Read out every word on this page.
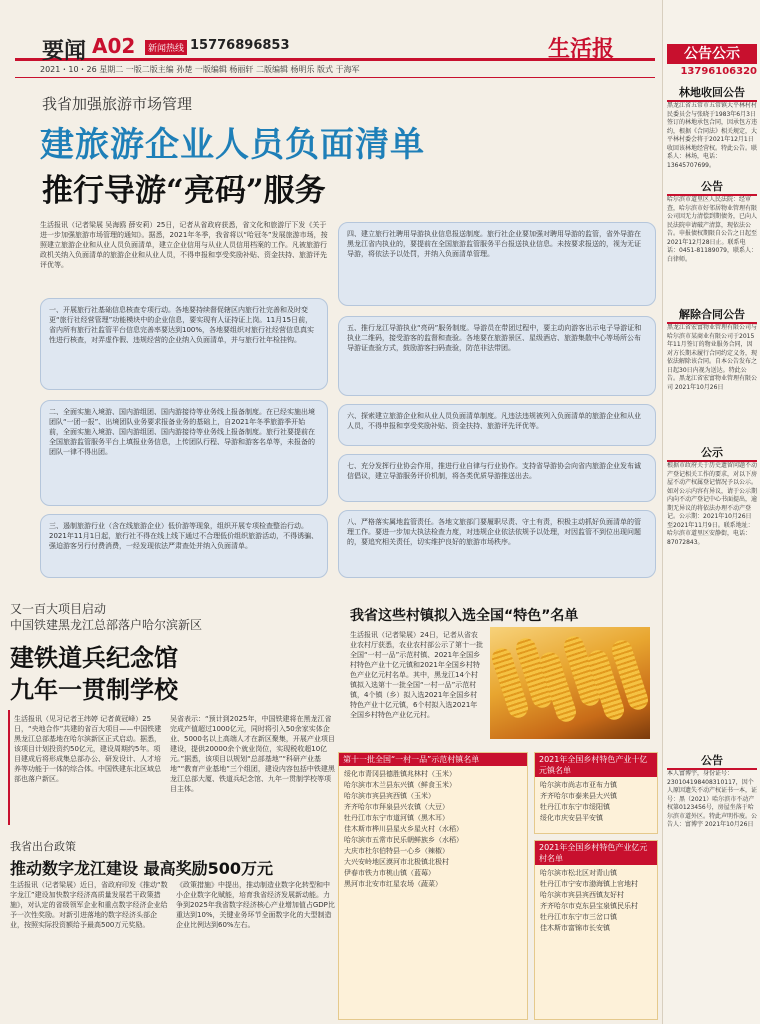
要闻 A02	新闻热线 15776896853	生活报
2021・10・26 星期二 一版二版主编 孙楚 一版编辑 杨丽轩 二版编辑 杨明乐 版式 于海军
我省加强旅游市场管理
建旅游企业人员负面清单
推行导游“亮码”服务
生活报讯（记者梁展 吴海鸥 薛安莉）25日，记者从省政府获悉，省文化和旅游厅下发《关于进一步加强旅游市场管理的通知》。据悉，2021年冬季，我省将以“哈冠冬”发展旅游市场，按照建立旅游企业和从业人员负面清单，建立企业信用与从业人员信用档案的工作。凡被旅游行政机关纳入负面清单的旅游企业和从业人员，不得申报和享受奖励补贴、资金扶持、旅游评先评优等。
一、开展旅行社基础信息核查专项行动。各地要持续督促辖区内旅行社完善和及时变更“旅行社经营管理”功能模块中的企业信息，要实现有人证持证上岗。11月15日前，省内所有旅行社监管平台信息完善率要达到100%，各地要组织对旅行社经营信息真实性进行核查，对弄虚作假、违规经营的企业纳入负面清单，并与旅行社年检挂钩。
二、全面实施入境游、国内游组团、国内游接待等业务线上报备制度。在已经实施出境团队“一团一报”、出境团队业务要求报备业务的基础上，自2021年冬季旅游季开始前，全面实施入境游、国内游组团、国内游接待等业务线上报备制度。旅行社要提前在全国旅游监管服务平台上填报业务信息，上传团队行程、导游和游客名单等，未报备的团队一律不得出团。
三、遏制旅游行业（含在线旅游企业）低价游等现象，组织开展专项检查整治行动。2021年11月1日起，旅行社不得在线上线下通过不合理低价组织旅游活动，不得诱骗、强迫游客另行付费消费，一经发现依法严肃查处并纳入负面清单。
四、建立旅行社聘用导游执业信息报送制度。旅行社企业要加强对聘用导游的监管，省外导游在黑龙江省内执业的，要提前在全国旅游监管服务平台报送执业信息。未按要求报送的，视为无证导游，将依法予以处罚，并纳入负面清单管理。
五、推行龙江导游执业“亮码”服务制度。导游员在带团过程中，要主动向游客出示电子导游证和执业二维码，接受游客的监督和查验。各地要在旅游景区、星级酒店、旅游集散中心等场所公布导游证查验方式，鼓励游客扫码查验，防范非法带团。
六、探索建立旅游企业和从业人员负面清单制度。凡违法违规被列入负面清单的旅游企业和从业人员，不得申报和享受奖励补贴、资金扶持、旅游评先评优等。
七、充分发挥行业协会作用，推进行业自律与行业协作。支持省导游协会向省内旅游企业发布诚信倡议，建立导游服务评价机制，将各类优质导游推送出去。
八、严格落实属地监管责任。各地文旅部门要履职尽责、守土有责，积极主动抓好负面清单的管理工作。要进一步加大执法检查力度，对违规企业依法依规予以处理，对因监管不到位出现问题的，要追究相关责任，切实维护良好的旅游市场秩序。
又一百大项目启动
中国铁建黑龙江总部落户哈尔滨新区
建铁道兵纪念馆
九年一贯制学校
生活报讯（见习记者王纬婷 记者黄冠峰）25日，“央地合作”共建的省百大项目——中国铁建黑龙江总部基地在哈尔滨新区正式启动。据悉，该项目计划投资约50亿元，建设周期约5年。项目建成后将形成集总部办公、研发设计、人才培养等功能于一体的综合体。中国铁建东北区域总部也落户新区。
吴省表示：“预计到2025年，中国铁建将在黑龙江省完成产值超过1000亿元，同时将引入50余家实体企业、5000名以上高端人才在新区聚集，开展产业项目建设，提供20000余个就业岗位，实现税收超10亿元。”据悉，该项目以规划“总部基地”“科研产业基地”“教育产业基地”三个组团，建设内容包括中铁建黑龙江总部大厦、铁道兵纪念馆、九年一贯制学校等项目主体。
我省出台政策
推动数字龙江建设 最高奖励500万元
生活报讯（记者梁展）近日，省政府印发《推动“数字龙江”建设加快数字经济高质量发展若干政策措施》，对认定的省级领军企业和重点数字经济企业给予一次性奖励。对新引进落地的数字经济头部企业，按照实际投资额给予最高500万元奖励。
《政策措施》中提出，推动制造业数字化转型和中小企业数字化赋能，培育我省经济发展新动能。力争到2025年我省数字经济核心产业增加值占GDP比重达到10%，关键业务环节全面数字化的大型制造企业比例达到60%左右。
我省这些村镇拟入选全国“特色”名单
生活报讯（记者梁展）24日，记者从省农业农村厅获悉，农业农村部公示了第十一批全国“一村一品”示范村镇、2021年全国乡村特色产业十亿元镇和2021年全国乡村特色产业亿元村名单。其中，黑龙江14个村镇拟入选第十一批全国“一村一品”示范村镇，4个镇（乡）拟入选2021年全国乡村特色产业十亿元镇，6个村拟入选2021年全国乡村特色产业亿元村。
第十一批全国“一村一品”示范村镇名单
绥化市青冈县德胜镇兆林村（玉米）
哈尔滨市木兰县东兴镇（鲜食玉米）
哈尔滨市宾县宾西镇（玉米）
齐齐哈尔市拜泉县兴农镇（大豆）
牡丹江市东宁市道河镇（黑木耳）
佳木斯市桦川县星火乡星火村（水稻）
哈尔滨市五常市民乐朝鲜族乡（水稻）
大庆市杜尔伯特县一心乡（辣椒）
大兴安岭地区漠河市北极镇北极村
伊春市铁力市桃山镇（蓝莓）
黑河市北安市红星农场（蔬菜）
2021年全国乡村特色产业十亿元镇名单
哈尔滨市尚志市亚布力镇
齐齐哈尔市泰来县大兴镇
牡丹江市东宁市绥阳镇
绥化市庆安县平安镇
2021年全国乡村特色产业亿元村名单
哈尔滨市松北区对青山镇
牡丹江市宁安市渤海镇上官地村
哈尔滨市宾县宾西镇友好村
齐齐哈尔市克东县宝泉镇民乐村
牡丹江市东宁市三岔口镇
佳木斯市富锦市长安镇
公告公示
13796106320
林地收回公告
黑龙江省五常市五常镇大平林村村民委员会与张晓于1983年6月3日签订的林地承包合同，因承包方违约，根据《合同法》相关规定，大平林村委会将于2021年12月1日收回该林地经营权。特此公告。联系人：林场，电话：13645707699。
公告
哈尔滨市道里区人民法院：经审查，哈尔滨市好邻居物业管理有限公司因无力清偿到期债务，已向人民法院申请破产清算，现依法公告。申报债权期限自公告之日起至2021年12月28日止。联系电话：0451-81189079，联系人：白律师。
解除合同公告
黑龙江省宏富物业管理有限公司与哈尔滨市某商业有限公司于2015年11月签订的物业服务合同，因对方长期未履行合同约定义务，现依法解除该合同。自本公告发布之日起30日内视为送达。特此公告。黑龙江省宏富物业管理有限公司 2021年10月26日
公示
根据市政府关于历史遗留问题不动产登记相关工作的要求，对以下房屋不动产权属登记情况予以公示。如对公示内容有异议，请于公示期内向不动产登记中心书面提出，逾期无异议的将依法办理不动产登记。公示期：2021年10月26日至2021年11月9日。联系地址：哈尔滨市道里区安静街，电话：87072843。
公告
本人富博宇，身份证号：230104198408310117，因个人原因遗失不动产权证书一本，证号：黑（2021）哈尔滨市不动产权第0123456号，房屋坐落于哈尔滨市道外区。特此声明作废。公告人：富博宇 2021年10月26日
